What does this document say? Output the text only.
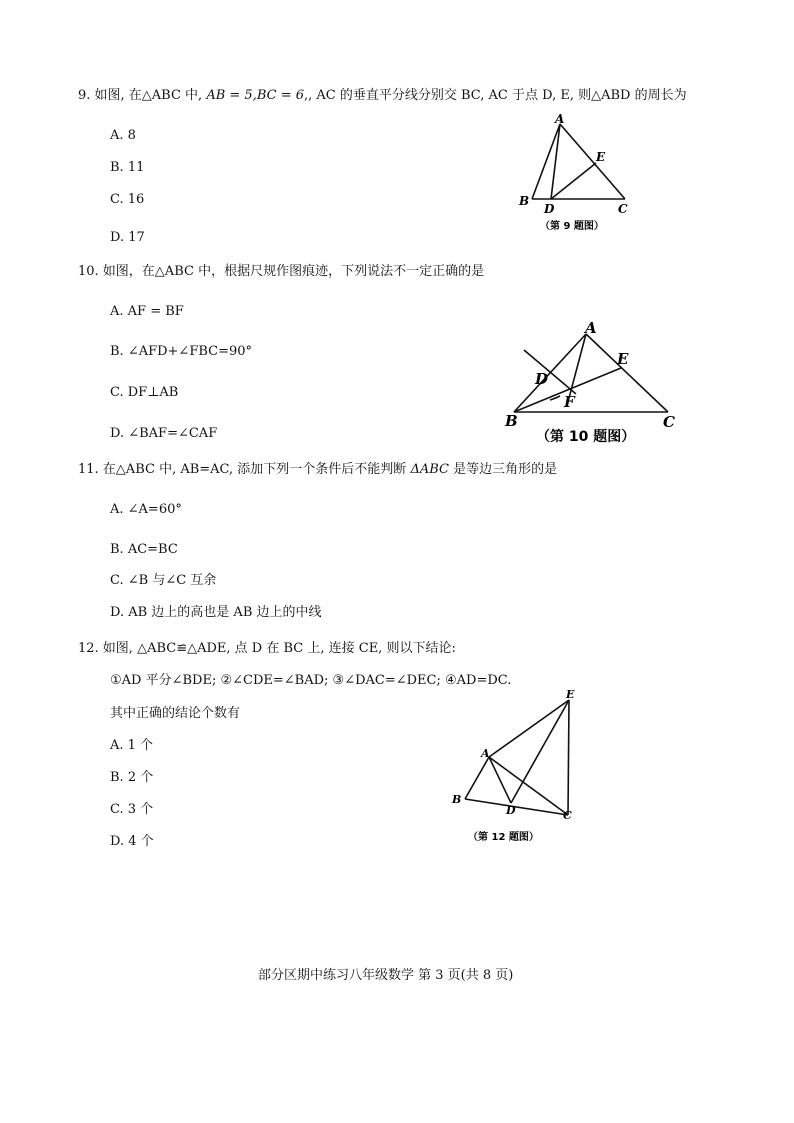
9. 如图, 在△ABC 中, AB = 5,BC = 6,, AC 的垂直平分线分别交 BC, AC 于点 D, E, 则△ABD 的周长为
A. 8
B. 11
C. 16
D. 17
A
E
B
D	C
（第 9 题图）
10. 如图，在△ABC 中，根据尺规作图痕迹，下列说法不一定正确的是
A. AF = BF
B. ∠AFD+∠FBC=90°
C. DF⊥AB
D. ∠BAF=∠CAF
A
E
D
F
B	C
（第 10 题图）
11. 在△ABC 中, AB=AC, 添加下列一个条件后不能判断 ΔABC 是等边三角形的是
A. ∠A=60°
B. AC=BC
C. ∠B 与∠C 互余
D. AB 边上的高也是 AB 边上的中线
12. 如图, △ABC≌△ADE, 点 D 在 BC 上, 连接 CE, 则以下结论:
①AD 平分∠BDE; ②∠CDE=∠BAD; ③∠DAC=∠DEC; ④AD=DC.
其中正确的结论个数有
A. 1 个
B. 2 个
C. 3 个
D. 4 个
E
A
B
D	C
（第 12 题图）
部分区期中练习八年级数学 第 3 页(共 8 页)
